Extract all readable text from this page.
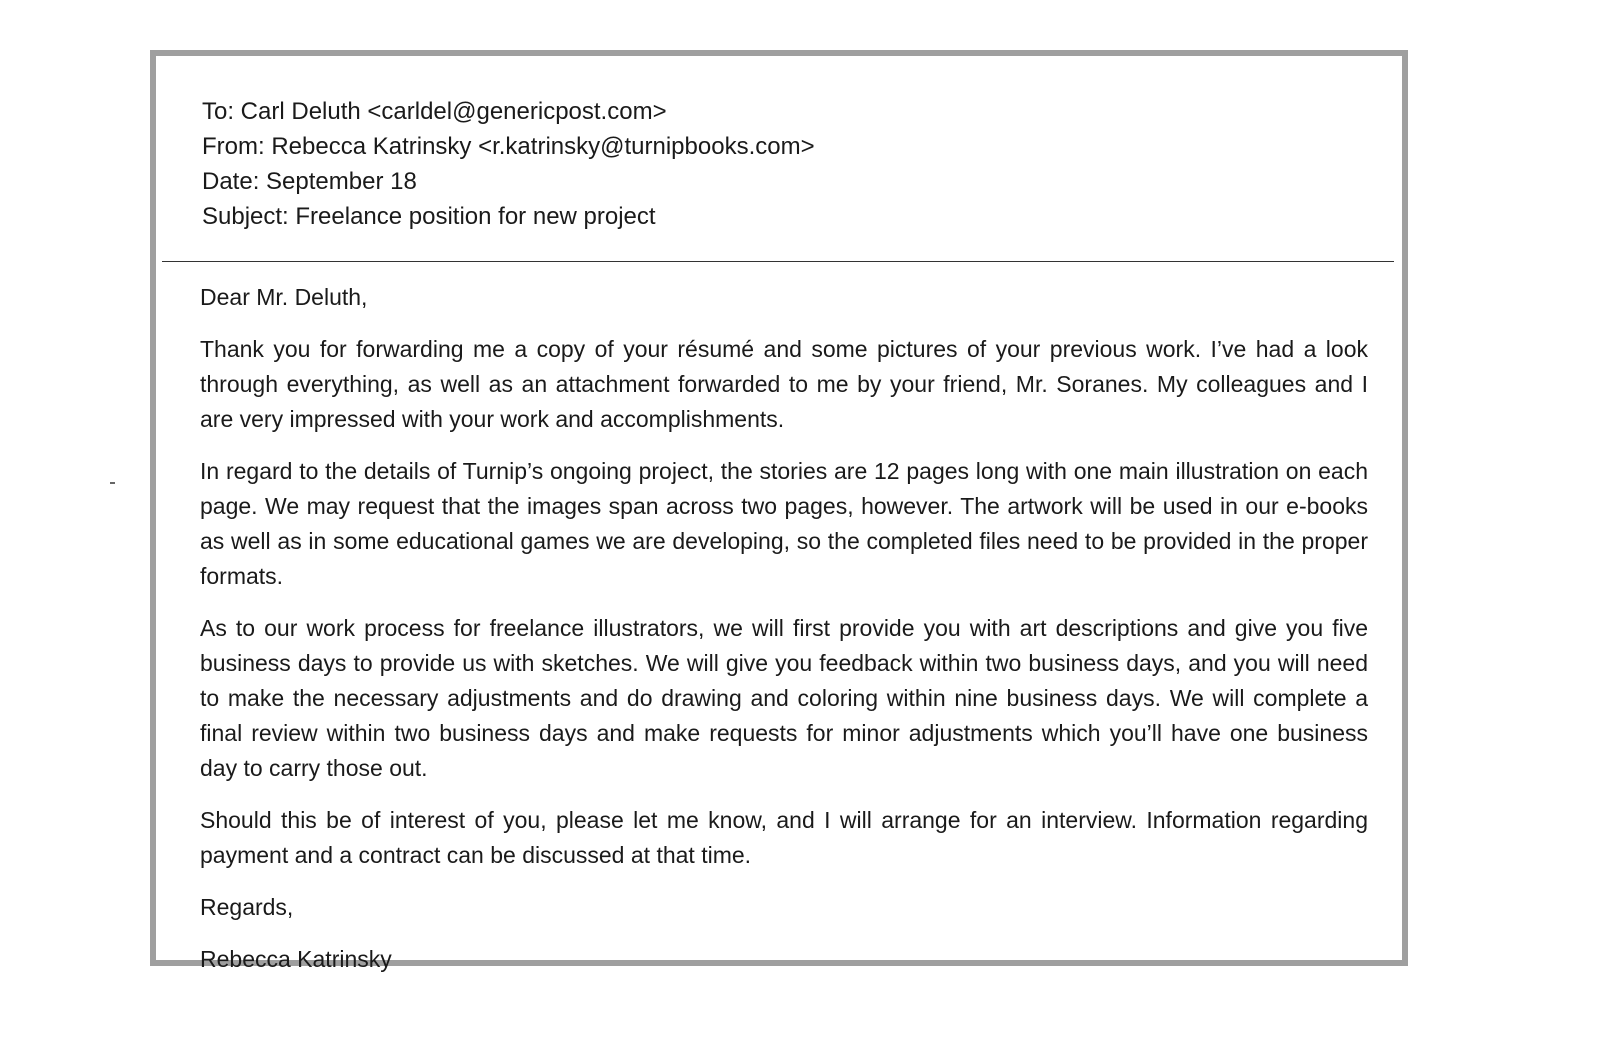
To: Carl Deluth <carldel@genericpost.com>
From: Rebecca Katrinsky <r.katrinsky@turnipbooks.com>
Date: September 18
Subject: Freelance position for new project

Dear Mr. Deluth,

Thank you for forwarding me a copy of your résumé and some pictures of your previous work. I’ve had a look through everything, as well as an attachment forwarded to me by your friend, Mr. Soranes. My colleagues and I are very impressed with your work and accomplishments.

In regard to the details of Turnip’s ongoing project, the stories are 12 pages long with one main illustration on each page. We may request that the images span across two pages, however. The artwork will be used in our e-books as well as in some educational games we are developing, so the completed files need to be provided in the proper formats.

As to our work process for freelance illustrators, we will first provide you with art descriptions and give you five business days to provide us with sketches. We will give you feedback within two business days, and you will need to make the necessary adjustments and do drawing and coloring within nine business days. We will complete a final review within two business days and make requests for minor adjustments which you’ll have one business day to carry those out.

Should this be of interest of you, please let me know, and I will arrange for an interview. Information regarding payment and a contract can be discussed at that time.

Regards,

Rebecca Katrinsky
